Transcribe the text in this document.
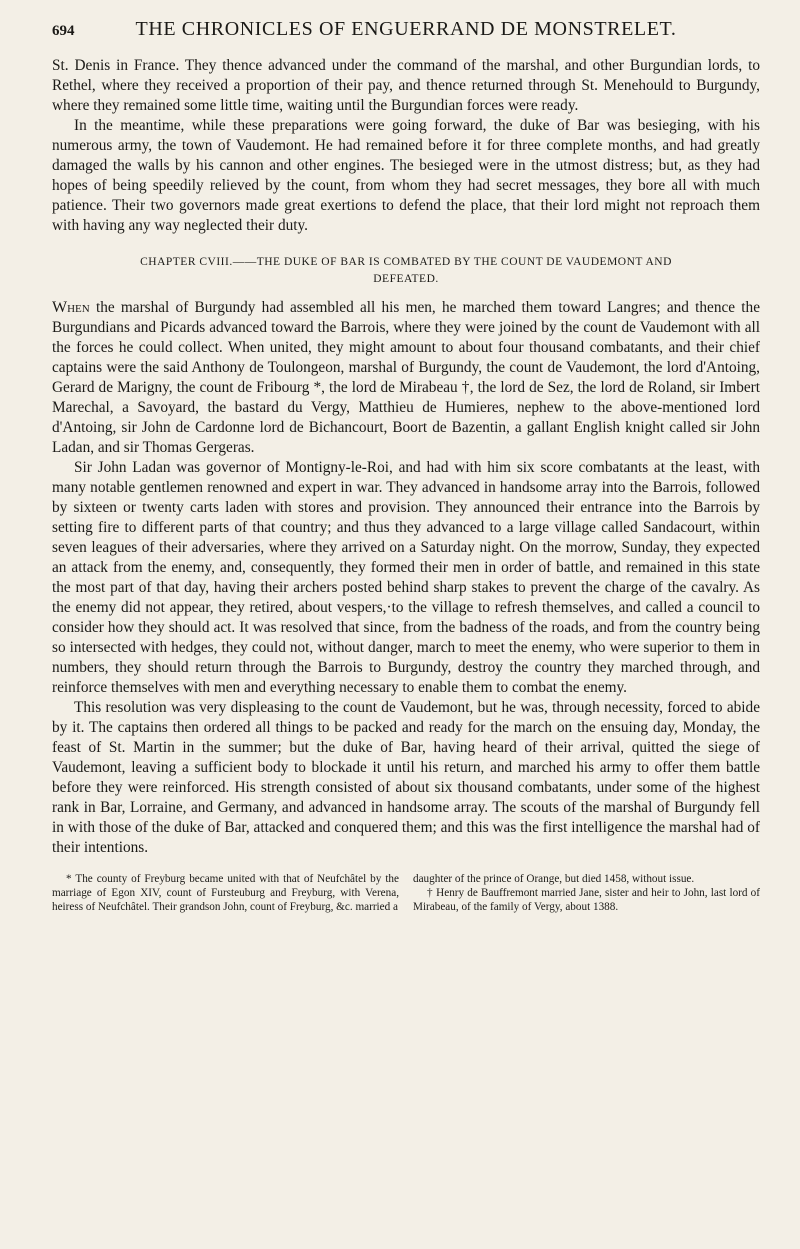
694	THE CHRONICLES OF ENGUERRAND DE MONSTRELET.

St. Denis in France. They thence advanced under the command of the marshal, and other Burgundian lords, to Rethel, where they received a proportion of their pay, and thence returned through St. Menehould to Burgundy, where they remained some little time, waiting until the Burgundian forces were ready.

In the meantime, while these preparations were going forward, the duke of Bar was besieging, with his numerous army, the town of Vaudemont. He had remained before it for three complete months, and had greatly damaged the walls by his cannon and other engines. The besieged were in the utmost distress; but, as they had hopes of being speedily relieved by the count, from whom they had secret messages, they bore all with much patience. Their two governors made great exertions to defend the place, that their lord might not reproach them with having any way neglected their duty.

CHAPTER CVIII.——THE DUKE OF BAR IS COMBATED BY THE COUNT DE VAUDEMONT AND
DEFEATED.

When the marshal of Burgundy had assembled all his men, he marched them toward Langres; and thence the Burgundians and Picards advanced toward the Barrois, where they were joined by the count de Vaudemont with all the forces he could collect. When united, they might amount to about four thousand combatants, and their chief captains were the said Anthony de Toulongeon, marshal of Burgundy, the count de Vaudemont, the lord d'Antoing, Gerard de Marigny, the count de Fribourg *, the lord de Mirabeau †, the lord de Sez, the lord de Roland, sir Imbert Marechal, a Savoyard, the bastard du Vergy, Matthieu de Humieres, nephew to the above-mentioned lord d'Antoing, sir John de Cardonne lord de Bichancourt, Boort de Bazentin, a gallant English knight called sir John Ladan, and sir Thomas Gergeras.

Sir John Ladan was governor of Montigny-le-Roi, and had with him six score combatants at the least, with many notable gentlemen renowned and expert in war. They advanced in handsome array into the Barrois, followed by sixteen or twenty carts laden with stores and provision. They announced their entrance into the Barrois by setting fire to different parts of that country; and thus they advanced to a large village called Sandacourt, within seven leagues of their adversaries, where they arrived on a Saturday night. On the morrow, Sunday, they expected an attack from the enemy, and, consequently, they formed their men in order of battle, and remained in this state the most part of that day, having their archers posted behind sharp stakes to prevent the charge of the cavalry. As the enemy did not appear, they retired, about vespers,·to the village to refresh themselves, and called a council to consider how they should act. It was resolved that since, from the badness of the roads, and from the country being so intersected with hedges, they could not, without danger, march to meet the enemy, who were superior to them in numbers, they should return through the Barrois to Burgundy, destroy the country they marched through, and reinforce themselves with men and everything necessary to enable them to combat the enemy.

This resolution was very displeasing to the count de Vaudemont, but he was, through necessity, forced to abide by it. The captains then ordered all things to be packed and ready for the march on the ensuing day, Monday, the feast of St. Martin in the summer; but the duke of Bar, having heard of their arrival, quitted the siege of Vaudemont, leaving a sufficient body to blockade it until his return, and marched his army to offer them battle before they were reinforced. His strength consisted of about six thousand combatants, under some of the highest rank in Bar, Lorraine, and Germany, and advanced in handsome array. The scouts of the marshal of Burgundy fell in with those of the duke of Bar, attacked and conquered them; and this was the first intelligence the marshal had of their intentions.

* The county of Freyburg became united with that of Neufchâtel by the marriage of Egon XIV, count of Fursteuburg and Freyburg, with Verena, heiress of Neufchâtel. Their grandson John, count of Freyburg, &c. married a

daughter of the prince of Orange, but died 1458, without issue.

† Henry de Bauffremont married Jane, sister and heir to John, last lord of Mirabeau, of the family of Vergy, about 1388.
